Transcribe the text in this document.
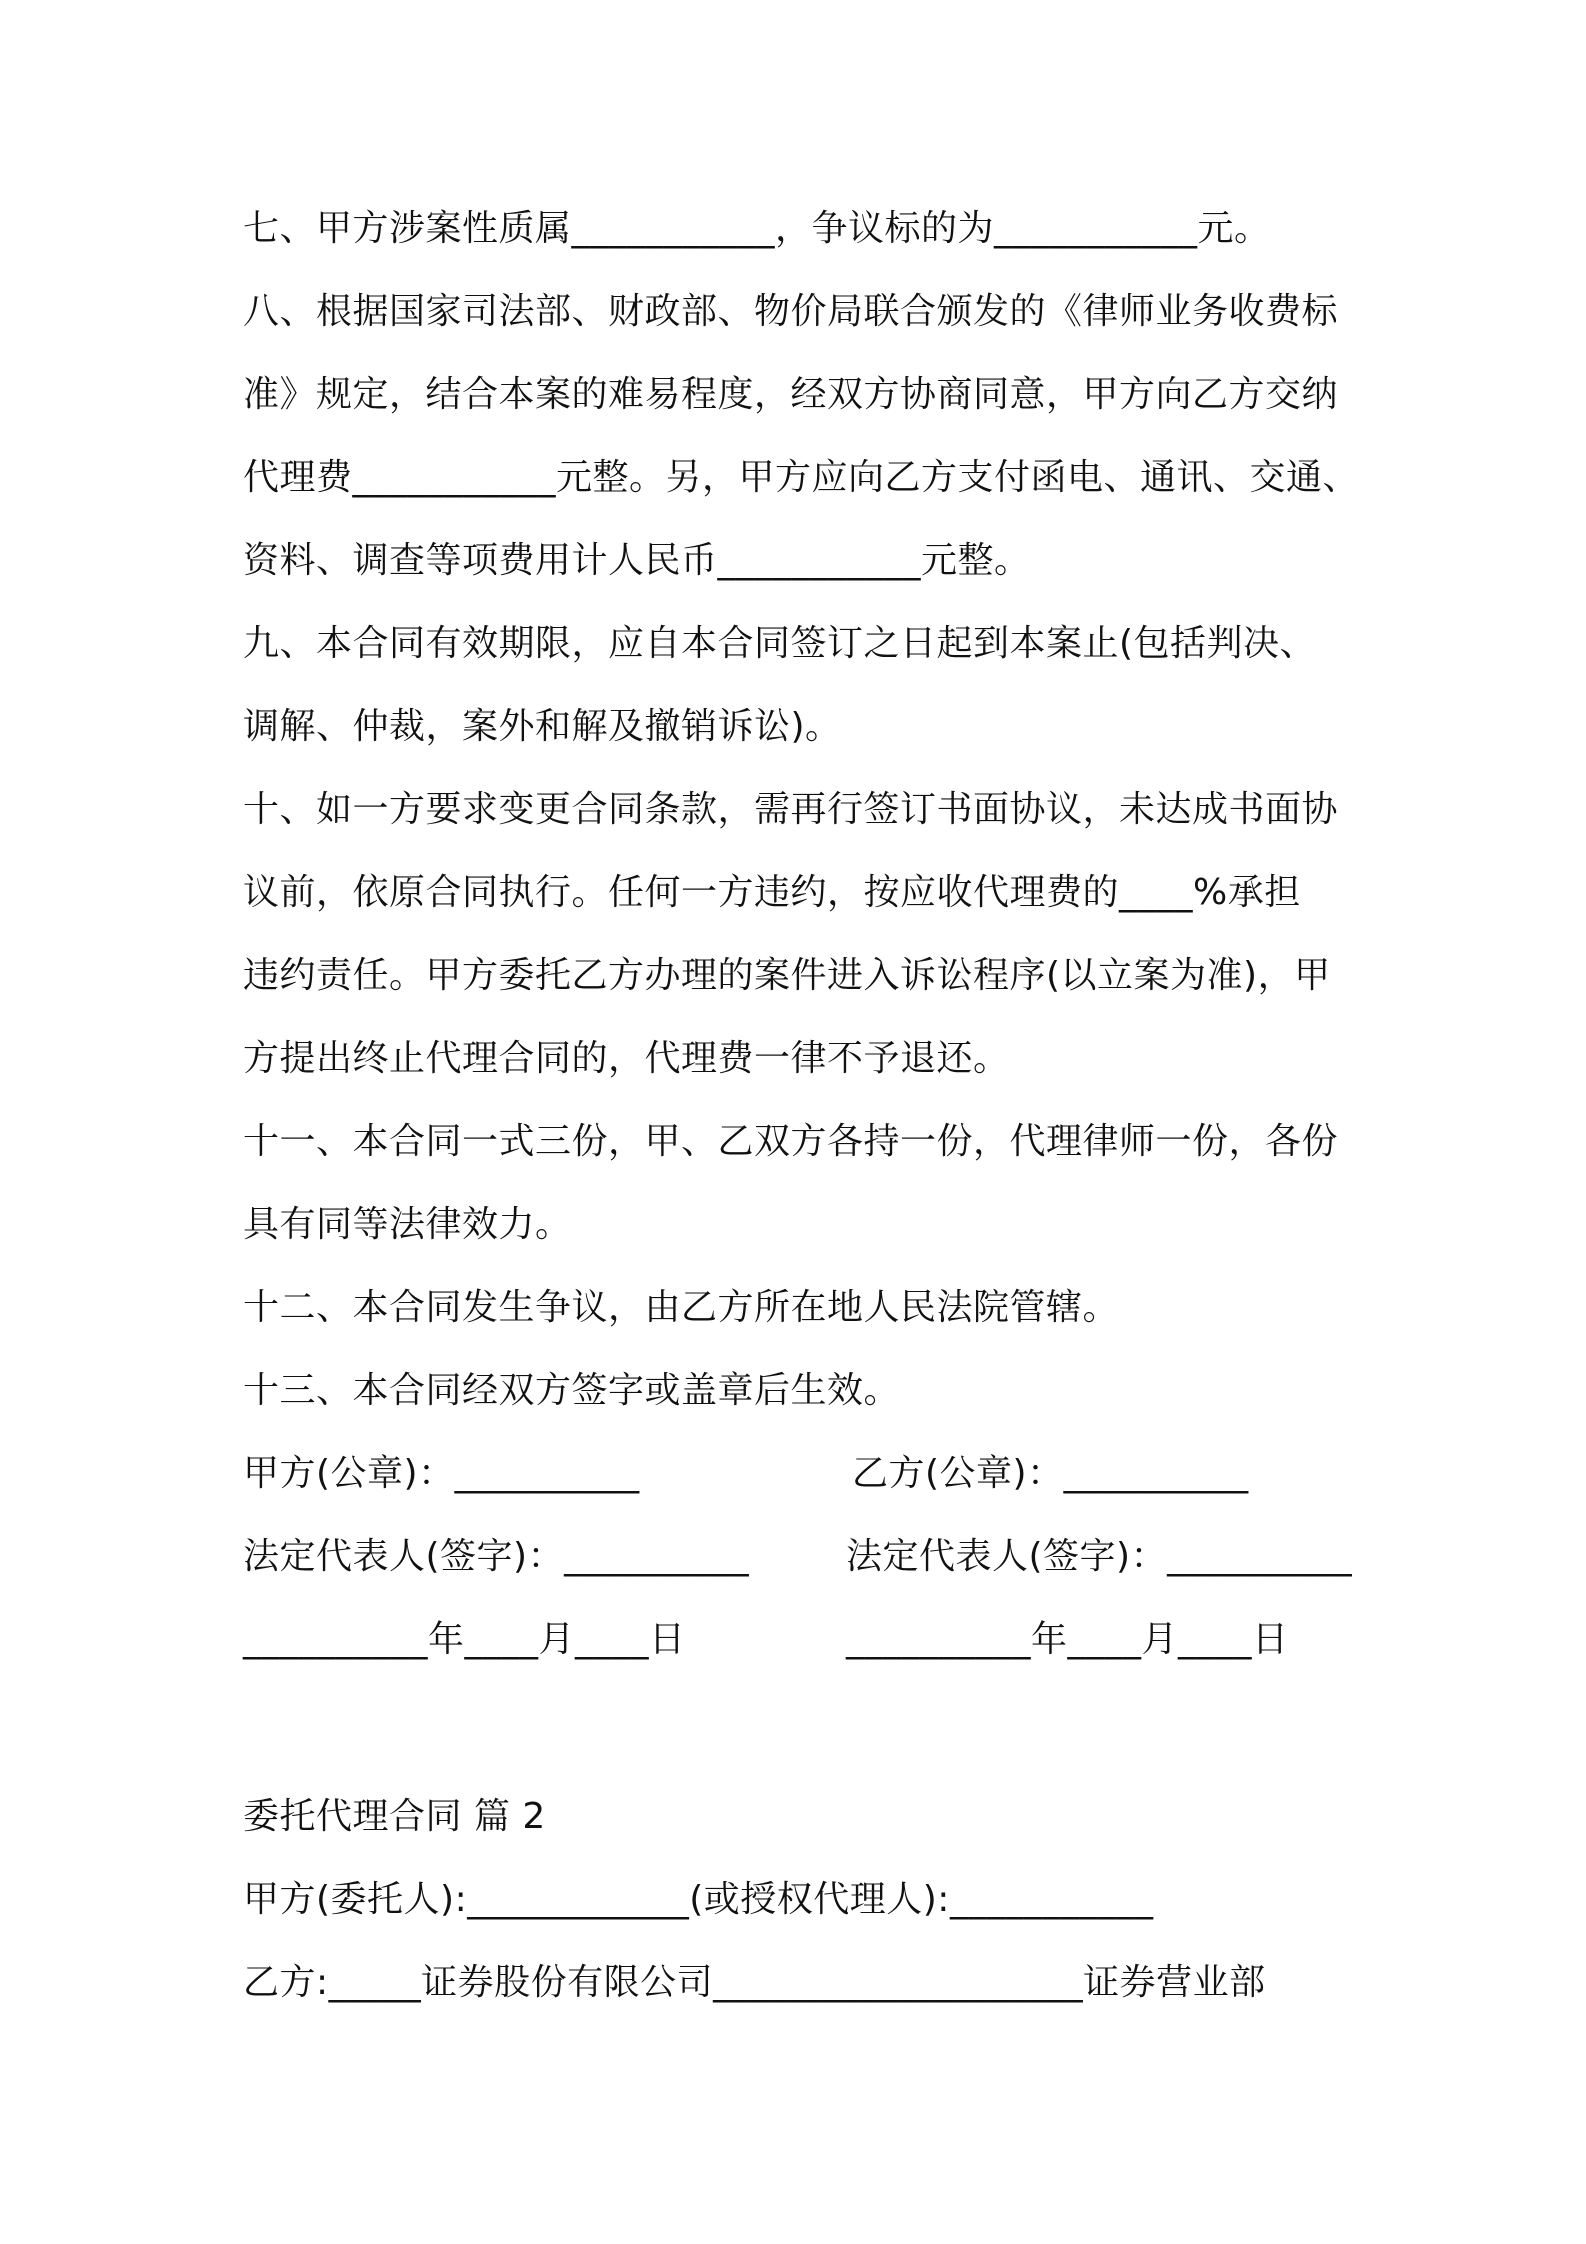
七、甲方涉案性质属___________，争议标的为___________元。
八、根据国家司法部、财政部、物价局联合颁发的《律师业务收费标
准》规定，结合本案的难易程度，经双方协商同意，甲方向乙方交纳
代理费___________元整。另，甲方应向乙方支付函电、通讯、交通、
资料、调查等项费用计人民币___________元整。
九、本合同有效期限，应自本合同签订之日起到本案止(包括判决、
调解、仲裁，案外和解及撤销诉讼)。
十、如一方要求变更合同条款，需再行签订书面协议，未达成书面协
议前，依原合同执行。任何一方违约，按应收代理费的____%承担
违约责任。甲方委托乙方办理的案件进入诉讼程序(以立案为准)，甲
方提出终止代理合同的，代理费一律不予退还。
十一、本合同一式三份，甲、乙双方各持一份，代理律师一份，各份
具有同等法律效力。
十二、本合同发生争议，由乙方所在地人民法院管辖。
十三、本合同经双方签字或盖章后生效。
甲方(公章)：__________	乙方(公章)：__________
法定代表人(签字)：__________	法定代表人(签字)：__________
__________年____月____日	__________年____月____日
委托代理合同 篇 2
甲方(委托人):____________(或授权代理人):___________
乙方:_____证券股份有限公司____________________证券营业部
